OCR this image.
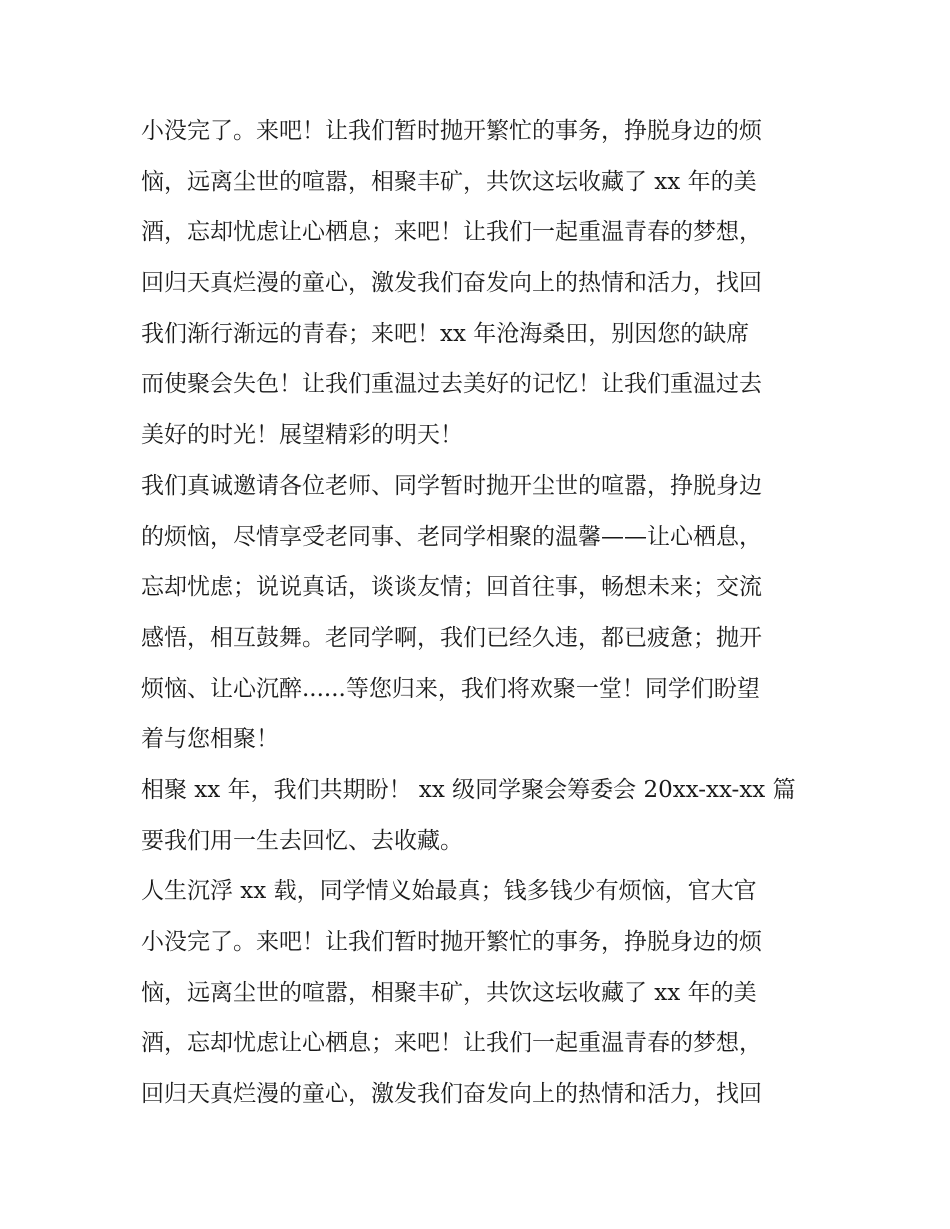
小没完了。来吧！让我们暂时抛开繁忙的事务，挣脱身边的烦
恼，远离尘世的喧嚣，相聚丰矿，共饮这坛收藏了 xx 年的美
酒，忘却忧虑让心栖息；来吧！让我们一起重温青春的梦想，
回归天真烂漫的童心，激发我们奋发向上的热情和活力，找回
我们渐行渐远的青春；来吧！xx 年沧海桑田，别因您的缺席
而使聚会失色！让我们重温过去美好的记忆！让我们重温过去
美好的时光！展望精彩的明天！
我们真诚邀请各位老师、同学暂时抛开尘世的喧嚣，挣脱身边
的烦恼，尽情享受老同事、老同学相聚的温馨——让心栖息，
忘却忧虑；说说真话，谈谈友情；回首往事，畅想未来；交流
感悟，相互鼓舞。老同学啊，我们已经久违，都已疲惫；抛开
烦恼、让心沉醉......等您归来，我们将欢聚一堂！同学们盼望
着与您相聚！
相聚 xx 年，我们共期盼！ xx 级同学聚会筹委会 20xx-xx-xx 篇
要我们用一生去回忆、去收藏。
人生沉浮 xx 载，同学情义始最真；钱多钱少有烦恼，官大官
小没完了。来吧！让我们暂时抛开繁忙的事务，挣脱身边的烦
恼，远离尘世的喧嚣，相聚丰矿，共饮这坛收藏了 xx 年的美
酒，忘却忧虑让心栖息；来吧！让我们一起重温青春的梦想，
回归天真烂漫的童心，激发我们奋发向上的热情和活力，找回
